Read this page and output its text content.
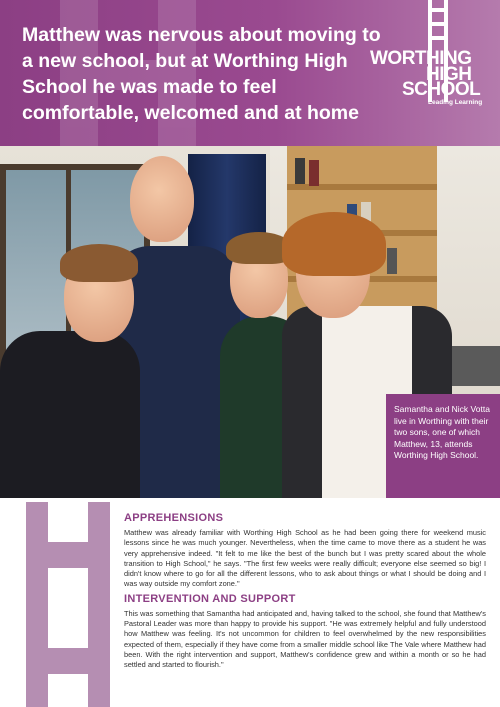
Matthew was nervous about moving to a new school, but at Worthing High School he was made to feel comfortable, welcomed and at home
WORTHING
HIGH
SCHOOL
Leading Learning
Samantha and Nick Votta live in Worthing with their two sons, one of which Matthew, 13, attends Worthing High School.
APPREHENSIONS

Matthew was already familiar with Worthing High School as he had been going there for weekend music lessons since he was much younger. Nevertheless, when the time came to move there as a student he was very apprehensive indeed. "It felt to me like the best of the bunch but I was pretty scared about the whole transition to High School," he says. "The first few weeks were really difficult; everyone else seemed so big! I didn't know where to go for all the different lessons, who to ask about things or what I should be doing and I was way outside my comfort zone."

INTERVENTION AND SUPPORT

This was something that Samantha had anticipated and, having talked to the school, she found that Matthew's Pastoral Leader was more than happy to provide his support. "He was extremely helpful and fully understood how Matthew was feeling. It's not uncommon for children to feel overwhelmed by the new responsibilities expected of them, especially if they have come from a smaller middle school like The Vale where Matthew had been. With the right intervention and support, Matthew's confidence grew and within a month or so he had settled and started to flourish."
